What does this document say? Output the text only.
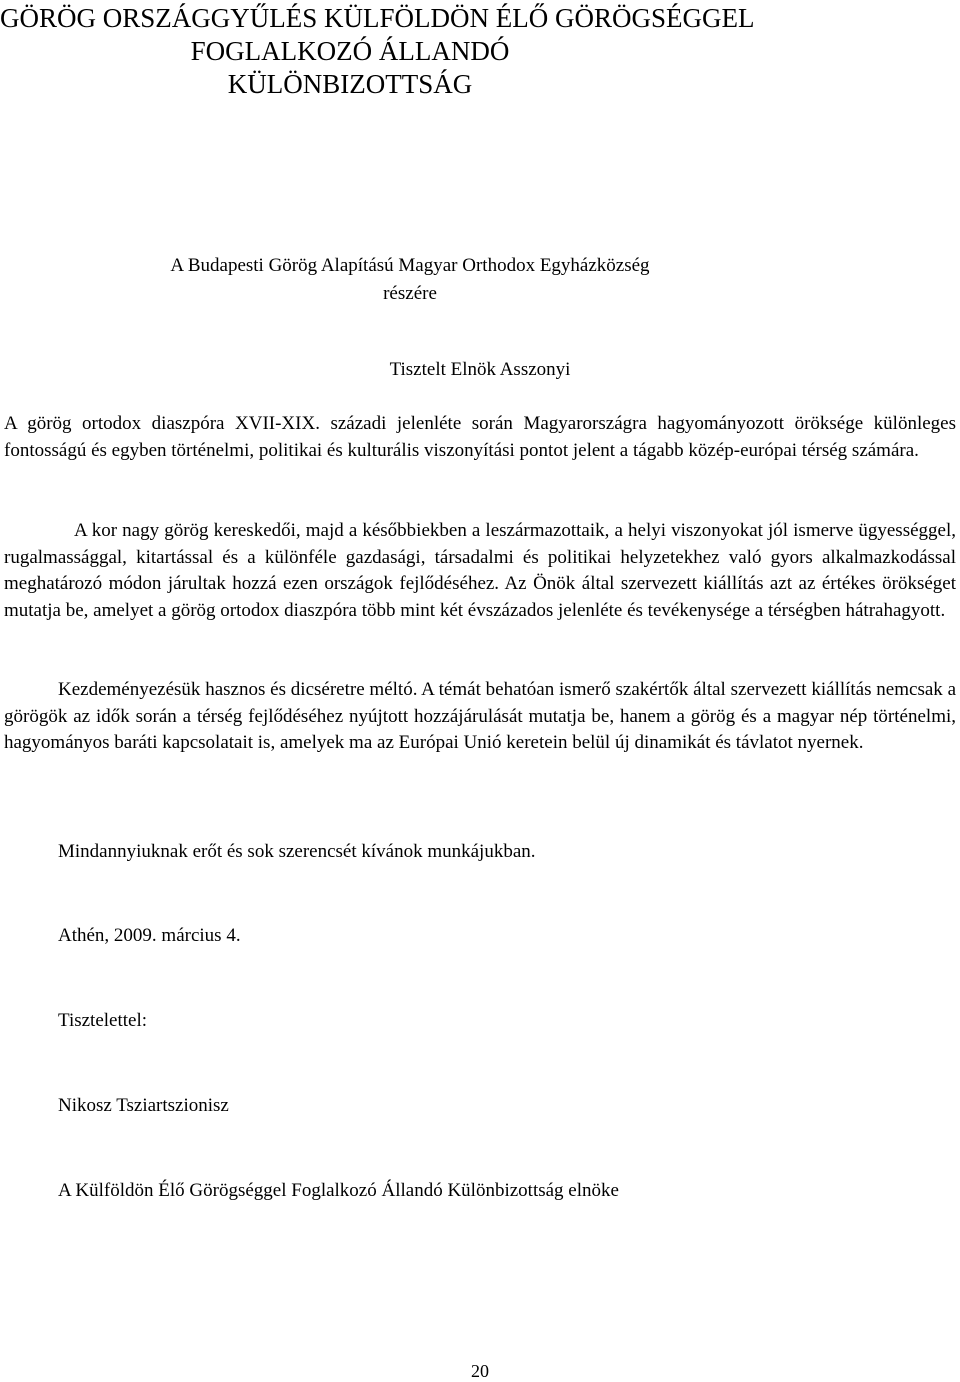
GÖRÖG ORSZÁGGYŰLÉS KÜLFÖLDÖN ÉLŐ GÖRÖGSÉGGEL
FOGLALKOZÓ ÁLLANDÓ
KÜLÖNBIZOTTSÁG
A Budapesti Görög Alapítású Magyar Orthodox Egyházközség
részére
Tisztelt Elnök Asszonyi

A görög ortodox diaszpóra XVII-XIX. századi jelenléte során Magyarországra hagyományozott öröksége különleges fontosságú és egyben történelmi, politikai és kulturális viszonyítási pontot jelent a tágabb közép-európai térség számára.

A kor nagy görög kereskedői, majd a későbbiekben a leszármazottaik, a helyi viszonyokat jól ismerve ügyességgel, rugalmassággal, kitartással és a különféle gazdasági, társadalmi és politikai helyzetekhez való gyors alkalmazkodással meghatározó módon járultak hozzá ezen országok fejlődéséhez. Az Önök által szervezett kiállítás azt az értékes örökséget mutatja be, amelyet a görög ortodox diaszpóra több mint két évszázados jelenléte és tevékenysége a térségben hátrahagyott.

Kezdeményezésük hasznos és dicséretre méltó. A témát behatóan ismerő szakértők által szervezett kiállítás nemcsak a görögök az idők során a térség fejlődéséhez nyújtott hozzájárulását mutatja be, hanem a görög és a magyar nép történelmi, hagyományos baráti kapcsolatait is, amelyek ma az Európai Unió keretein belül új dinamikát és távlatot nyernek.

Mindannyiuknak erőt és sok szerencsét kívánok munkájukban.
Athén, 2009. március 4.
Tisztelettel:
Nikosz Tsziartszionisz
A Külföldön Élő Görögséggel Foglalkozó Állandó Különbizottság elnöke
20
